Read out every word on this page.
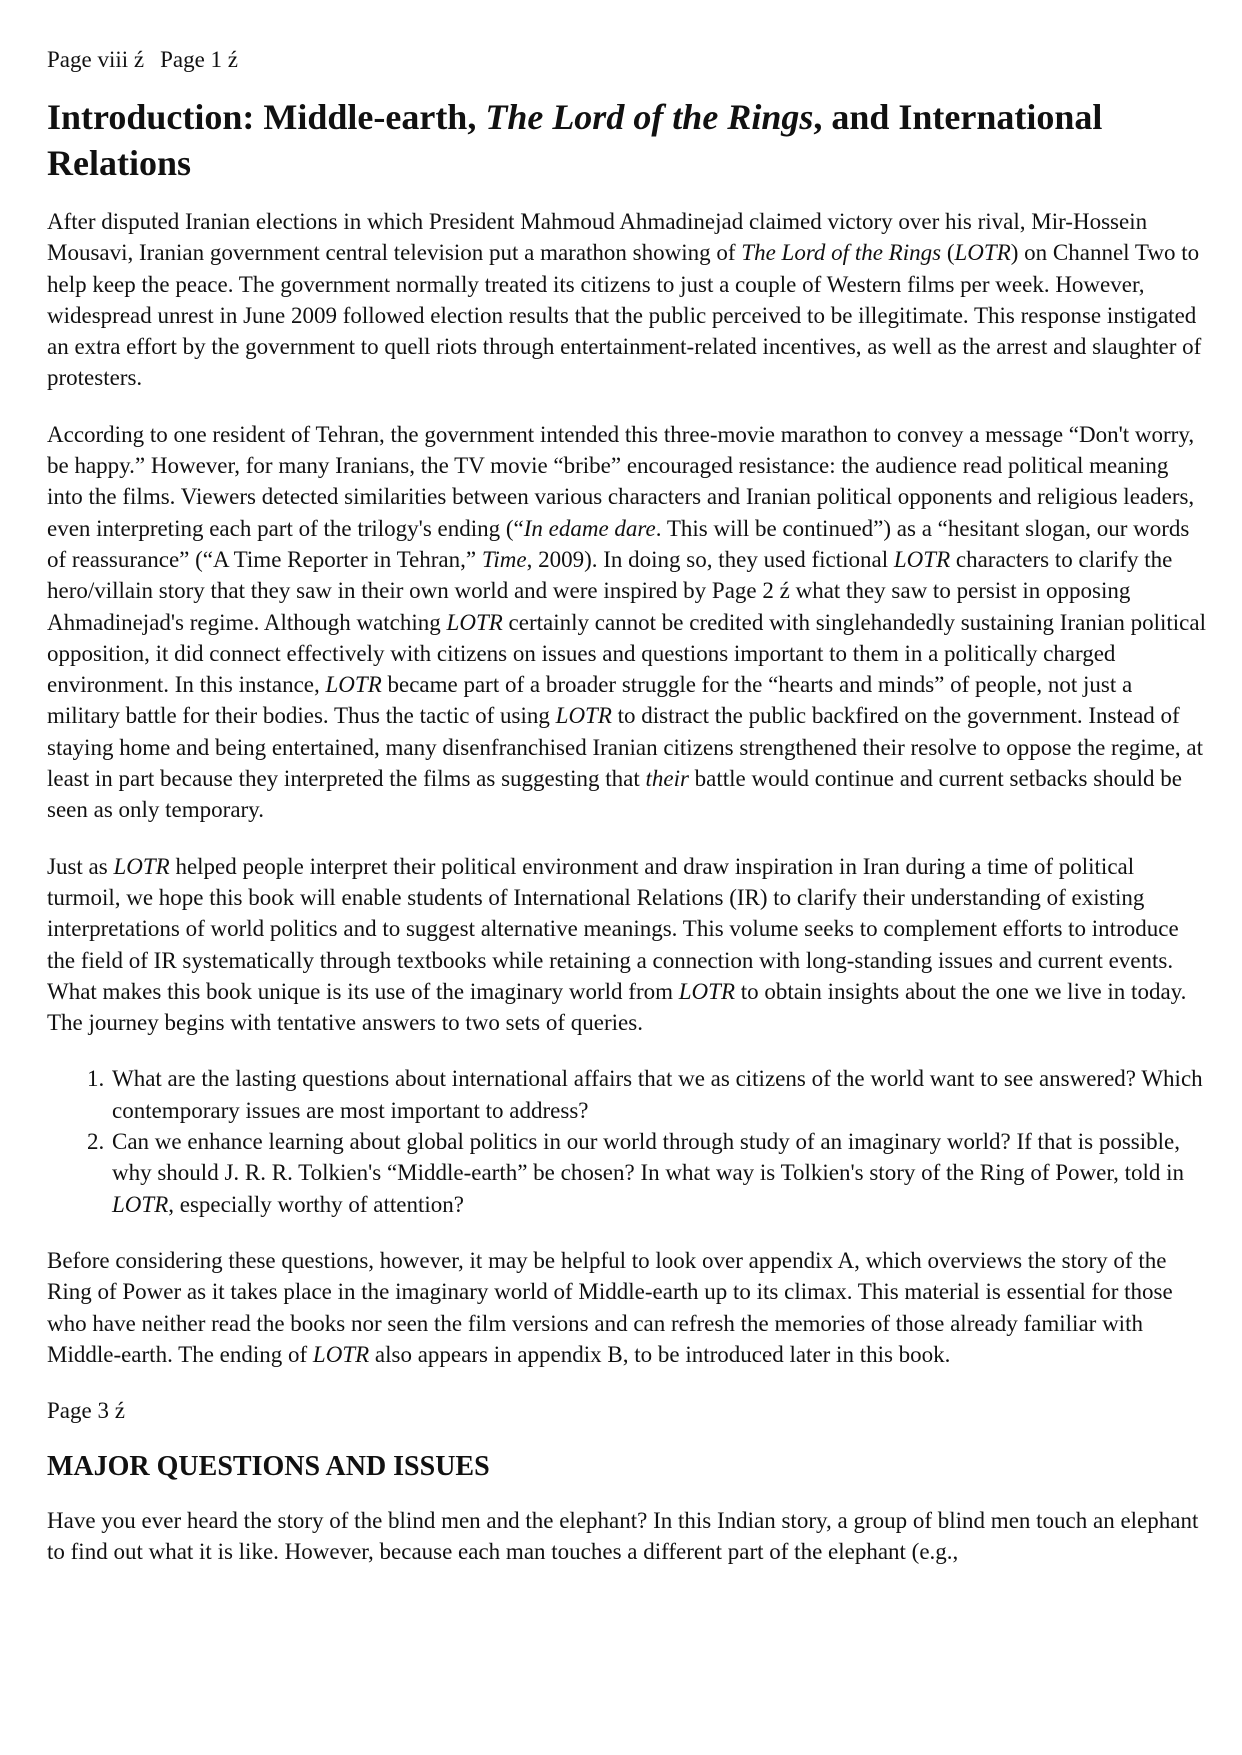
Page viii ź Page 1 ź
Introduction: Middle-earth, The Lord of the Rings, and International Relations

After disputed Iranian elections in which President Mahmoud Ahmadinejad claimed victory over his rival, Mir-Hossein Mousavi, Iranian government central television put a marathon showing of The Lord of the Rings (LOTR) on Channel Two to help keep the peace. The government normally treated its citizens to just a couple of Western films per week. However, widespread unrest in June 2009 followed election results that the public perceived to be illegitimate. This response instigated an extra effort by the government to quell riots through entertainment-related incentives, as well as the arrest and slaughter of protesters.

According to one resident of Tehran, the government intended this three-movie marathon to convey a message “Don't worry, be happy.” However, for many Iranians, the TV movie “bribe” encouraged resistance: the audience read political meaning into the films. Viewers detected similarities between various characters and Iranian political opponents and religious leaders, even interpreting each part of the trilogy's ending (“In edame dare. This will be continued”) as a “hesitant slogan, our words of reassurance” (“A Time Reporter in Tehran,” Time, 2009). In doing so, they used fictional LOTR characters to clarify the hero/villain story that they saw in their own world and were inspired by Page 2 ź what they saw to persist in opposing Ahmadinejad's regime. Although watching LOTR certainly cannot be credited with singlehandedly sustaining Iranian political opposition, it did connect effectively with citizens on issues and questions important to them in a politically charged environment. In this instance, LOTR became part of a broader struggle for the “hearts and minds” of people, not just a military battle for their bodies. Thus the tactic of using LOTR to distract the public backfired on the government. Instead of staying home and being entertained, many disenfranchised Iranian citizens strengthened their resolve to oppose the regime, at least in part because they interpreted the films as suggesting that their battle would continue and current setbacks should be seen as only temporary.

Just as LOTR helped people interpret their political environment and draw inspiration in Iran during a time of political turmoil, we hope this book will enable students of International Relations (IR) to clarify their understanding of existing interpretations of world politics and to suggest alternative meanings. This volume seeks to complement efforts to introduce the field of IR systematically through textbooks while retaining a connection with long-standing issues and current events. What makes this book unique is its use of the imaginary world from LOTR to obtain insights about the one we live in today. The journey begins with tentative answers to two sets of queries.

1. What are the lasting questions about international affairs that we as citizens of the world want to see answered? Which contemporary issues are most important to address?
2. Can we enhance learning about global politics in our world through study of an imaginary world? If that is possible, why should J. R. R. Tolkien's “Middle-earth” be chosen? In what way is Tolkien's story of the Ring of Power, told in LOTR, especially worthy of attention?

Before considering these questions, however, it may be helpful to look over appendix A, which overviews the story of the Ring of Power as it takes place in the imaginary world of Middle-earth up to its climax. This material is essential for those who have neither read the books nor seen the film versions and can refresh the memories of those already familiar with Middle-earth. The ending of LOTR also appears in appendix B, to be introduced later in this book.

Page 3 ź
MAJOR QUESTIONS AND ISSUES

Have you ever heard the story of the blind men and the elephant? In this Indian story, a group of blind men touch an elephant to find out what it is like. However, because each man touches a different part of the elephant (e.g.,
